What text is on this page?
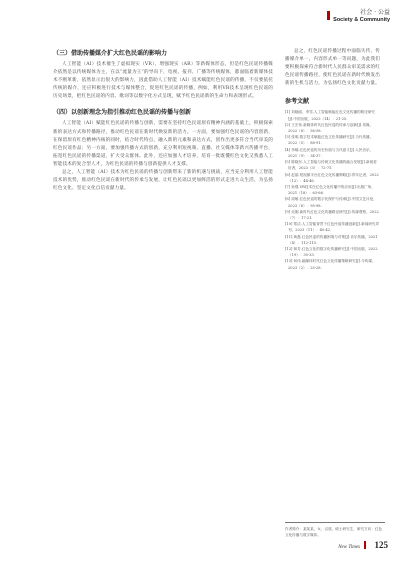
社会 · 公益
Society & Community
（三）借助传播媒介扩大红色民谣的影响力

人工智能（AI）技术催生了虚拟现实（VR）、增强现实（AR）等新媒体形态，但是红色民谣传播媒介依然是以传统媒体为主，在以“流量为王”的导向下，电视、报刊、广播等传统媒体，都面临着新媒体技术不断革新，依然显示出很大的影响力，因此借助人工智能（AI）技术赋能红色民谣的传播，不仅要依托传统的媒介，还应积极进行技术与媒体整合，促进红色民谣的传播，例如，利用VR技术呈现红色民谣的历史场景，把红色民谣的内容、歌词等以数字化方式呈现，赋予红色民谣新的生命力和表现形式。

（四）以创新理念为指引推动红色民谣的传播与创新

人工智能（AI）赋能红色民谣的传播与创新，需要在坚持红色民谣原有精神内涵的基础上，积极探索新的表达方式和传播路径，推动红色民谣在新时代焕发新的活力。一方面，要加强红色民谣的内容创新，在保留原有红色精神内核的同时，结合时代特点，融入新的元素和表达方式，创作出更多符合当代审美的红色民谣作品；另一方面，要加强传播方式的创新，充分利用短视频、直播、社交媒体等新兴传播平台，拓宽红色民谣的传播渠道，扩大受众群体。此外，还应加强人才培养，培育一批既懂红色文化又熟悉人工智能技术的复合型人才，为红色民谣的传播与创新提供人才支撑。

总之，人工智能（AI）技术为红色民谣的传播与创新带来了新的机遇与挑战，应当充分利用人工智能技术的优势，推动红色民谣在新时代的传承与发展，让红色民谣以更加鲜活的形式走进大众生活，为弘扬红色文化、坚定文化自信贡献力量。

总之，红色民谣传播过程中面临失传、传播媒介单一、内容形式单一等问题，为此我们要积极探索符合新时代人民群众审美需求的红色民谣传播路径，使红色民谣在新时代焕发出新的生机与活力，为弘扬红色文化贡献力量。

参考文献

[1] 刘晓丽，李雪.人工智能赋能红色文化传播的路径研究[J].中国出版，2023（14）：21-25.

[2] 王宏伟.新媒体时代红色民谣的传承与创新[J].传媒，2022（8）：56-58.

[3] 张明.数字技术赋能红色文化传播研究[J].当代传播，2022（5）：88-91.

[4] 李娜.红色民谣的历史价值与当代意义[J].人民音乐，2021（9）：34-37.

[5] 陈晓东.人工智能与传统文化传播的融合发展[J].新闻爱好者，2023（3）：72-75.

[6] 赵丽.短视频平台红色文化传播策略[J].青年记者，2022（12）：44-46.

[7] 孙强.VR技术在红色文化传播中的应用[J].出版广角，2021（18）：63-66.

[8] 周敏.红色民谣的数字化保护与传承[J].中国文艺评论，2023（6）：95-98.

[9] 吴刚.新时代红色文化传播路径研究[J].传媒观察，2022（7）：17-21.

[10] 郑洁.人工智能背景下红色民谣传播创新[J].新闻研究导刊，2023（11）：40-42.

[11] 黄磊.红色民谣的传播困境与对策[J].音乐传播，2021（4）：112-115.

[12] 林芳.红色文化的数字化传播研究[J].中国出版，2022（19）：30-33.

[13] 何伟.融媒体时代红色文化传播策略研究[J].今传媒，2023（2）：25-28.

作者简介：某某某，女，汉族，硕士研究生，研究方向：红色文化传播与数字媒体。
New Times 125
